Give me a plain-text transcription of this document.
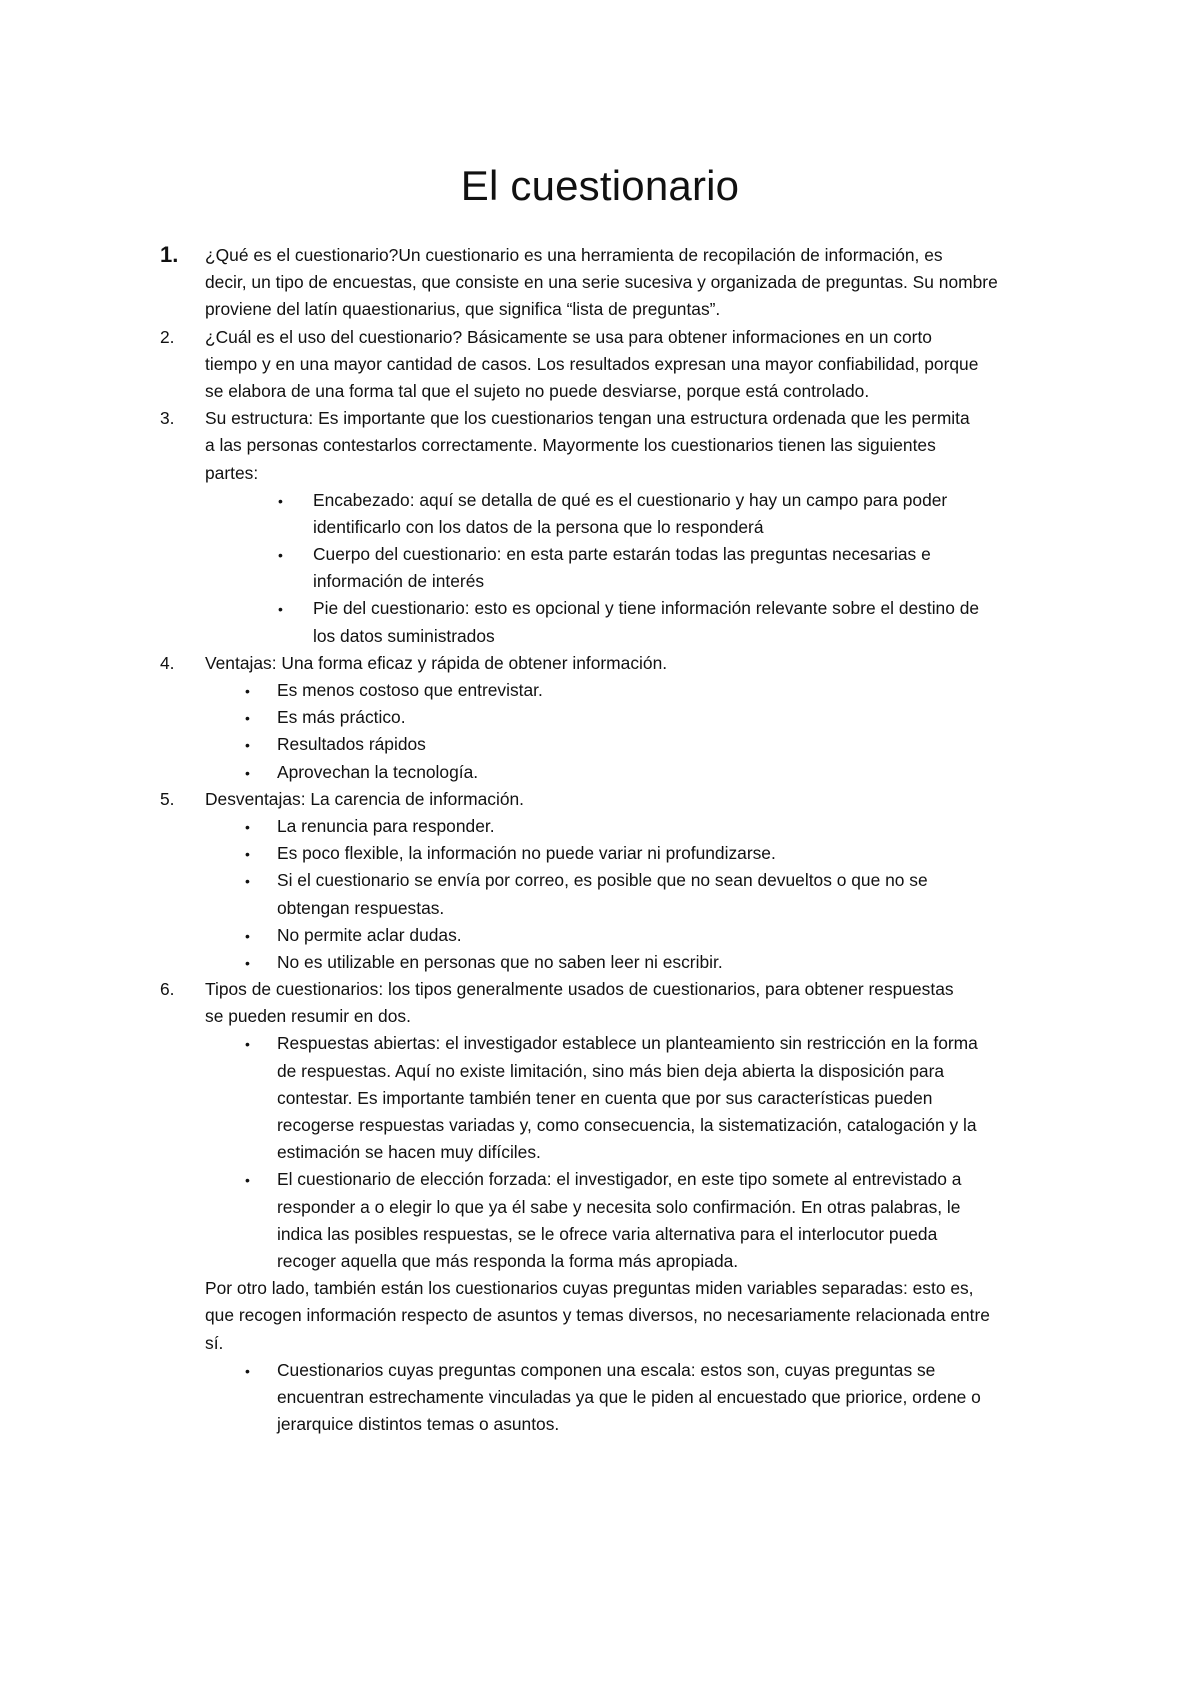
El cuestionario
1. ¿Qué es el cuestionario?Un cuestionario es una herramienta de recopilación de información, es
decir, un tipo de encuestas, que consiste en una serie sucesiva y organizada de preguntas. Su nombre
proviene del latín quaestionarius, que significa “lista de preguntas”.
2. ¿Cuál es el uso del cuestionario? Básicamente se usa para obtener informaciones en un corto
tiempo y en una mayor cantidad de casos. Los resultados expresan una mayor confiabilidad, porque
se elabora de una forma tal que el sujeto no puede desviarse, porque está controlado.
3. Su estructura: Es importante que los cuestionarios tengan una estructura ordenada que les permita
a las personas contestarlos correctamente. Mayormente los cuestionarios tienen las siguientes
partes:
• Encabezado: aquí se detalla de qué es el cuestionario y hay un campo para poder
identificarlo con los datos de la persona que lo responderá
• Cuerpo del cuestionario: en esta parte estarán todas las preguntas necesarias e
información de interés
• Pie del cuestionario: esto es opcional y tiene información relevante sobre el destino de
los datos suministrados
4. Ventajas: Una forma eficaz y rápida de obtener información.
• Es menos costoso que entrevistar.
• Es más práctico.
• Resultados rápidos
• Aprovechan la tecnología.
5. Desventajas: La carencia de información.
• La renuncia para responder.
• Es poco flexible, la información no puede variar ni profundizarse.
• Si el cuestionario se envía por correo, es posible que no sean devueltos o que no se
obtengan respuestas.
• No permite aclar dudas.
• No es utilizable en personas que no saben leer ni escribir.
6. Tipos de cuestionarios: los tipos generalmente usados de cuestionarios, para obtener respuestas
se pueden resumir en dos.
• Respuestas abiertas: el investigador establece un planteamiento sin restricción en la forma
de respuestas. Aquí no existe limitación, sino más bien deja abierta la disposición para
contestar. Es importante también tener en cuenta que por sus características pueden
recogerse respuestas variadas y, como consecuencia, la sistematización, catalogación y la
estimación se hacen muy difíciles.
• El cuestionario de elección forzada: el investigador, en este tipo somete al entrevistado a
responder a o elegir lo que ya él sabe y necesita solo confirmación. En otras palabras, le
indica las posibles respuestas, se le ofrece varia alternativa para el interlocutor pueda
recoger aquella que más responda la forma más apropiada.
Por otro lado, también están los cuestionarios cuyas preguntas miden variables separadas: esto es,
que recogen información respecto de asuntos y temas diversos, no necesariamente relacionada entre
sí.
• Cuestionarios cuyas preguntas componen una escala: estos son, cuyas preguntas se
encuentran estrechamente vinculadas ya que le piden al encuestado que priorice, ordene o
jerarquice distintos temas o asuntos.
